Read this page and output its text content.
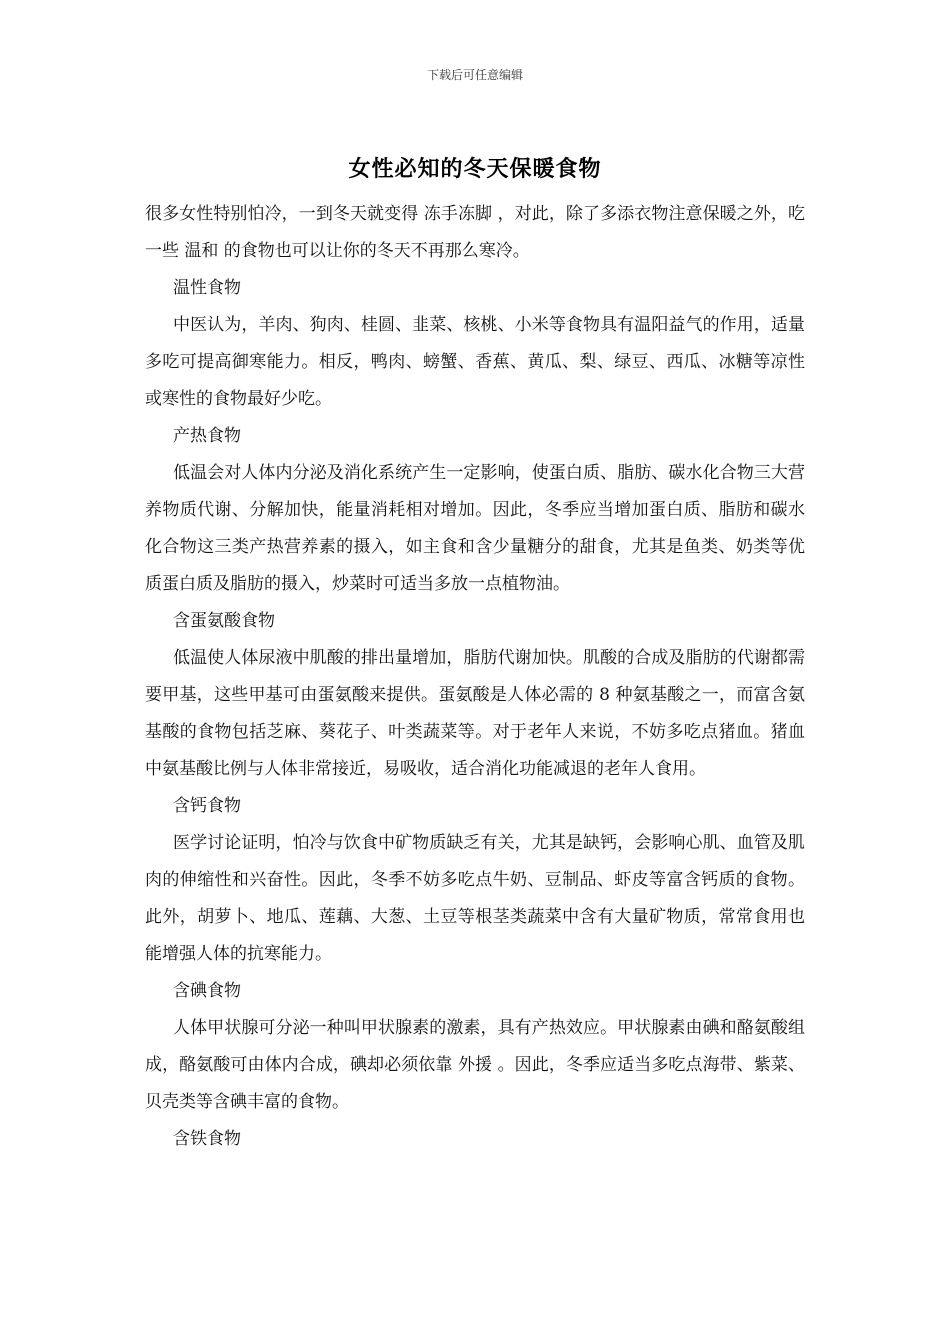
下载后可任意编辑
女性必知的冬天保暖食物

很多女性特别怕冷，一到冬天就变得 冻手冻脚 ，对此，除了多添衣物注意保暖之外，吃一些 温和 的食物也可以让你的冬天不再那么寒冷。

温性食物

中医认为，羊肉、狗肉、桂圆、韭菜、核桃、小米等食物具有温阳益气的作用，适量多吃可提高御寒能力。相反，鸭肉、螃蟹、香蕉、黄瓜、梨、绿豆、西瓜、冰糖等凉性或寒性的食物最好少吃。

产热食物

低温会对人体内分泌及消化系统产生一定影响，使蛋白质、脂肪、碳水化合物三大营养物质代谢、分解加快，能量消耗相对增加。因此，冬季应当增加蛋白质、脂肪和碳水化合物这三类产热营养素的摄入，如主食和含少量糖分的甜食，尤其是鱼类、奶类等优质蛋白质及脂肪的摄入，炒菜时可适当多放一点植物油。

含蛋氨酸食物

低温使人体尿液中肌酸的排出量增加，脂肪代谢加快。肌酸的合成及脂肪的代谢都需要甲基，这些甲基可由蛋氨酸来提供。蛋氨酸是人体必需的 8 种氨基酸之一，而富含氨基酸的食物包括芝麻、葵花子、叶类蔬菜等。对于老年人来说，不妨多吃点猪血。猪血中氨基酸比例与人体非常接近，易吸收，适合消化功能减退的老年人食用。

含钙食物

医学讨论证明，怕冷与饮食中矿物质缺乏有关，尤其是缺钙，会影响心肌、血管及肌肉的伸缩性和兴奋性。因此，冬季不妨多吃点牛奶、豆制品、虾皮等富含钙质的食物。此外，胡萝卜、地瓜、莲藕、大葱、土豆等根茎类蔬菜中含有大量矿物质，常常食用也能增强人体的抗寒能力。

含碘食物

人体甲状腺可分泌一种叫甲状腺素的激素，具有产热效应。甲状腺素由碘和酪氨酸组成，酪氨酸可由体内合成，碘却必须依靠 外援 。因此，冬季应适当多吃点海带、紫菜、贝壳类等含碘丰富的食物。

含铁食物
